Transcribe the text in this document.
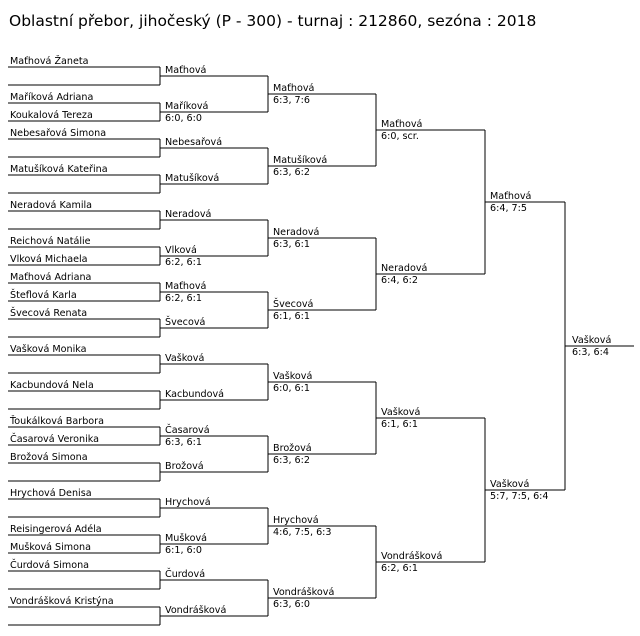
Oblastní přebor, jihočeský (P - 300) - turnaj : 212860, sezóna : 2018
Maťhová Žaneta
Maříková Adriana
Koukalová Tereza
Nebesařová Simona
Matušíková Kateřina
Neradová Kamila
Reichová Natálie
Vlková Michaela
Maťhová Adriana
Šteflová Karla
Švecová Renata
Vašková Monika
Kacbundová Nela
Ťoukálková Barbora
Časarová Veronika
Brožová Simona
Hrychová Denisa
Reisingerová Adéla
Mušková Simona
Čurdová Simona
Vondrášková Kristýna
Maťhová
Maříková
6:0, 6:0
Nebesařová
Matušíková
Neradová
Vlková
6:2, 6:1
Maťhová
6:2, 6:1
Švecová
Vašková
Kacbundová
Časarová
6:3, 6:1
Brožová
Hrychová
Mušková
6:1, 6:0
Čurdová
Vondrášková
Maťhová
6:3, 7:6
Matušíková
6:3, 6:2
Neradová
6:3, 6:1
Švecová
6:1, 6:1
Vašková
6:0, 6:1
Brožová
6:3, 6:2
Hrychová
4:6, 7:5, 6:3
Vondrášková
6:3, 6:0
Maťhová
6:0, scr.
Neradová
6:4, 6:2
Vašková
6:1, 6:1
Vondrášková
6:2, 6:1
Maťhová
6:4, 7:5
Vašková
5:7, 7:5, 6:4
Vašková
6:3, 6:4
